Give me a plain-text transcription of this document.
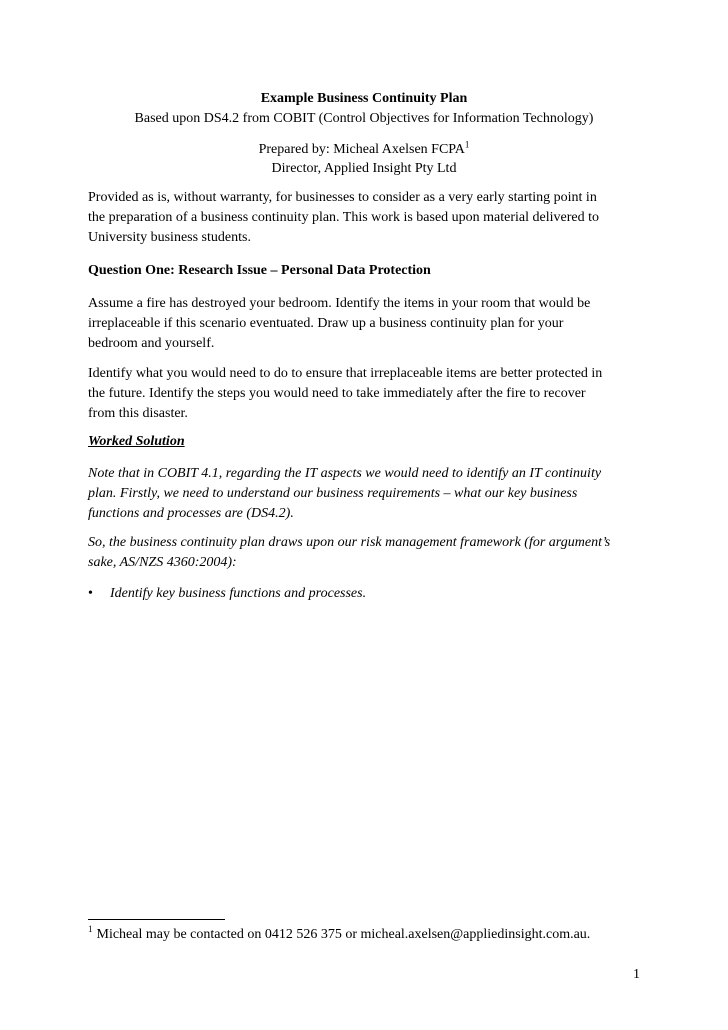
Example Business Continuity Plan
Based upon DS4.2 from COBIT (Control Objectives for Information Technology)
Prepared by: Micheal Axelsen FCPA$^1$
Director, Applied Insight Pty Ltd
Provided as is, without warranty, for businesses to consider as a very early starting point in
the preparation of a business continuity plan. This work is based upon material delivered to
University business students.
Question One: Research Issue – Personal Data Protection
Assume a fire has destroyed your bedroom. Identify the items in your room that would be
irreplaceable if this scenario eventuated. Draw up a business continuity plan for your
bedroom and yourself.
Identify what you would need to do to ensure that irreplaceable items are better protected in
the future. Identify the steps you would need to take immediately after the fire to recover
from this disaster.
Worked Solution
Note that in COBIT 4.1, regarding the IT aspects we would need to identify an IT continuity
plan. Firstly, we need to understand our business requirements – what our key business
functions and processes are (DS4.2).
So, the business continuity plan draws upon our risk management framework (for argument’s
sake, AS/NZS 4360:2004):
• Identify key business functions and processes.
$^1$ Micheal may be contacted on 0412 526 375 or micheal.axelsen@appliedinsight.com.au.
1
